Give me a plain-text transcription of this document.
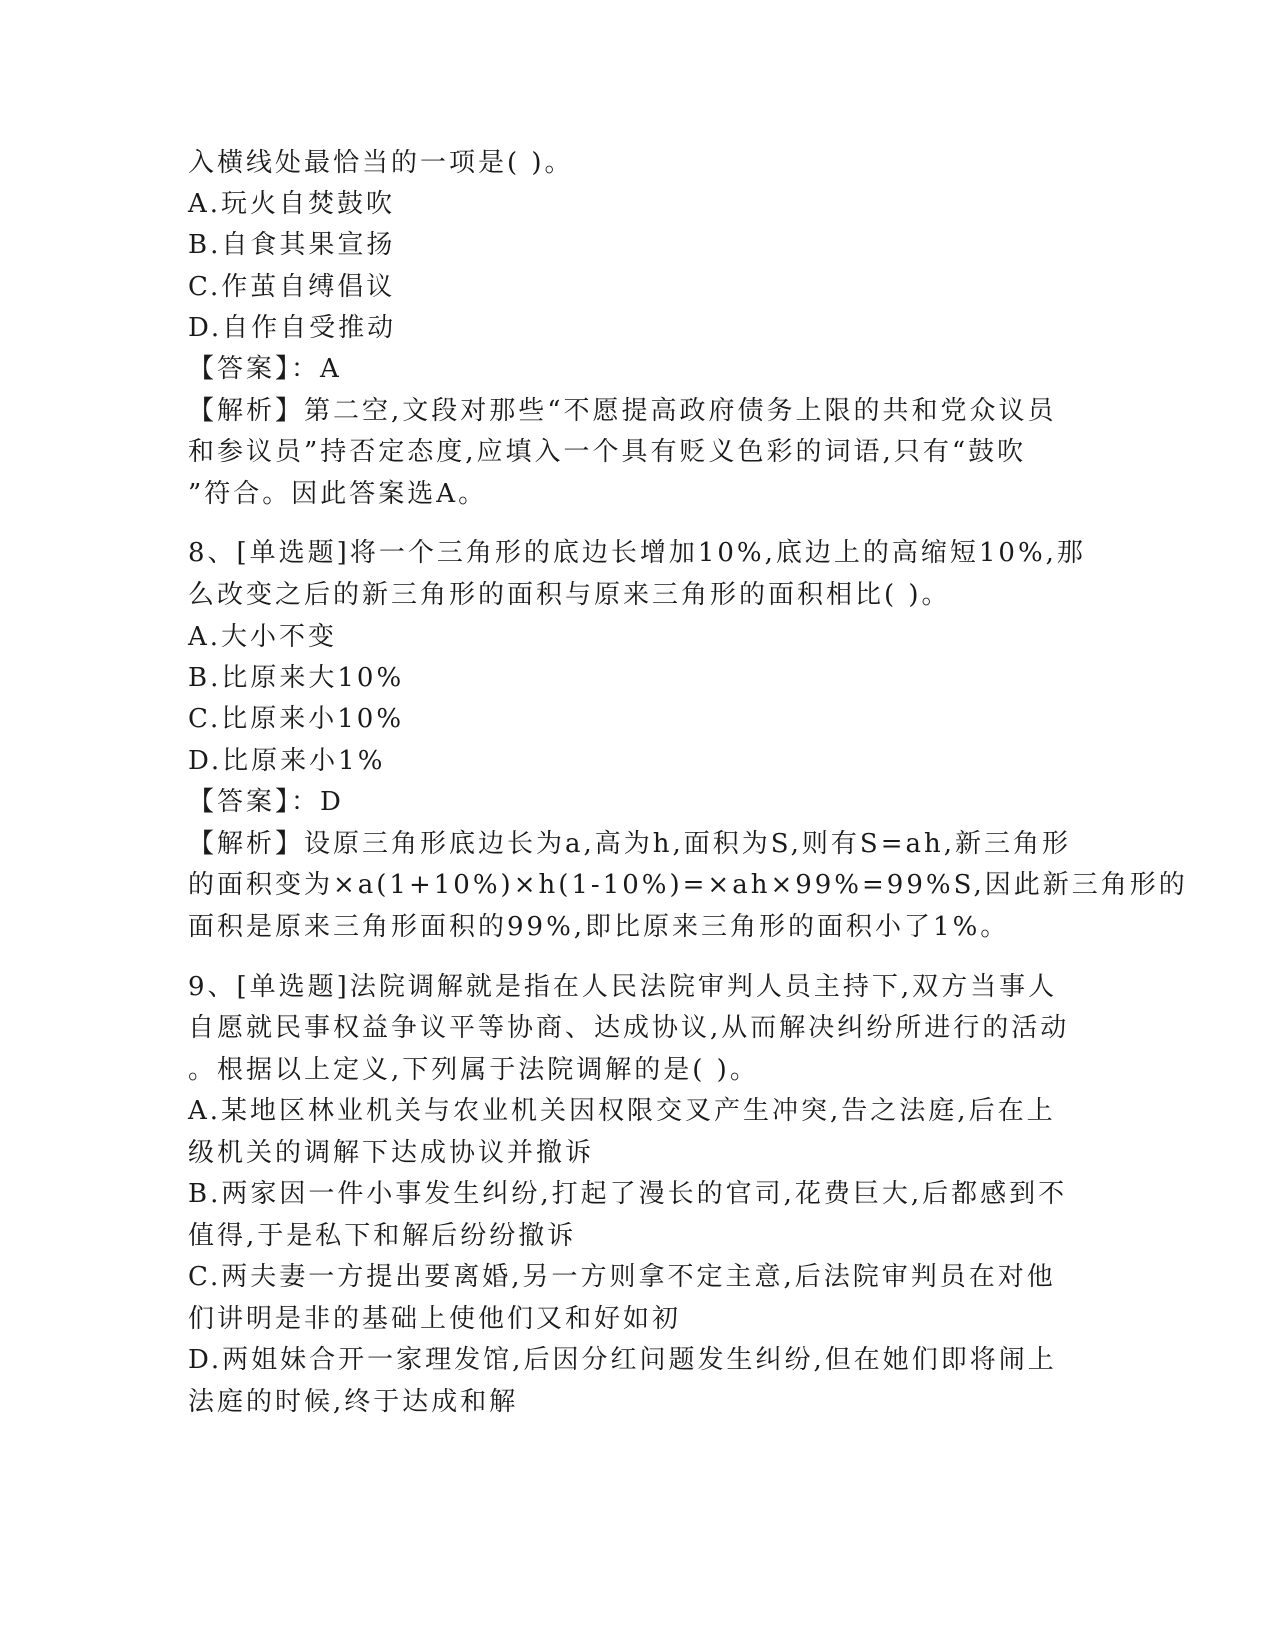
入横线处最恰当的一项是( )。
A.玩火自焚鼓吹
B.自食其果宣扬
C.作茧自缚倡议
D.自作自受推动
【答案】：A
【解析】第二空,文段对那些“不愿提高政府债务上限的共和党众议员
和参议员”持否定态度,应填入一个具有贬义色彩的词语,只有“鼓吹
”符合。因此答案选A。
8、[单选题]将一个三角形的底边长增加10%,底边上的高缩短10%,那
么改变之后的新三角形的面积与原来三角形的面积相比( )。
A.大小不变
B.比原来大10%
C.比原来小10%
D.比原来小1%
【答案】：D
【解析】设原三角形底边长为a,高为h,面积为S,则有S=ah,新三角形
的面积变为×a(1+10%)×h(1-10%)=×ah×99%=99%S,因此新三角形的
面积是原来三角形面积的99%,即比原来三角形的面积小了1%。
9、[单选题]法院调解就是指在人民法院审判人员主持下,双方当事人
自愿就民事权益争议平等协商、达成协议,从而解决纠纷所进行的活动
。根据以上定义,下列属于法院调解的是( )。
A.某地区林业机关与农业机关因权限交叉产生冲突,告之法庭,后在上
级机关的调解下达成协议并撤诉
B.两家因一件小事发生纠纷,打起了漫长的官司,花费巨大,后都感到不
值得,于是私下和解后纷纷撤诉
C.两夫妻一方提出要离婚,另一方则拿不定主意,后法院审判员在对他
们讲明是非的基础上使他们又和好如初
D.两姐妹合开一家理发馆,后因分红问题发生纠纷,但在她们即将闹上
法庭的时候,终于达成和解
